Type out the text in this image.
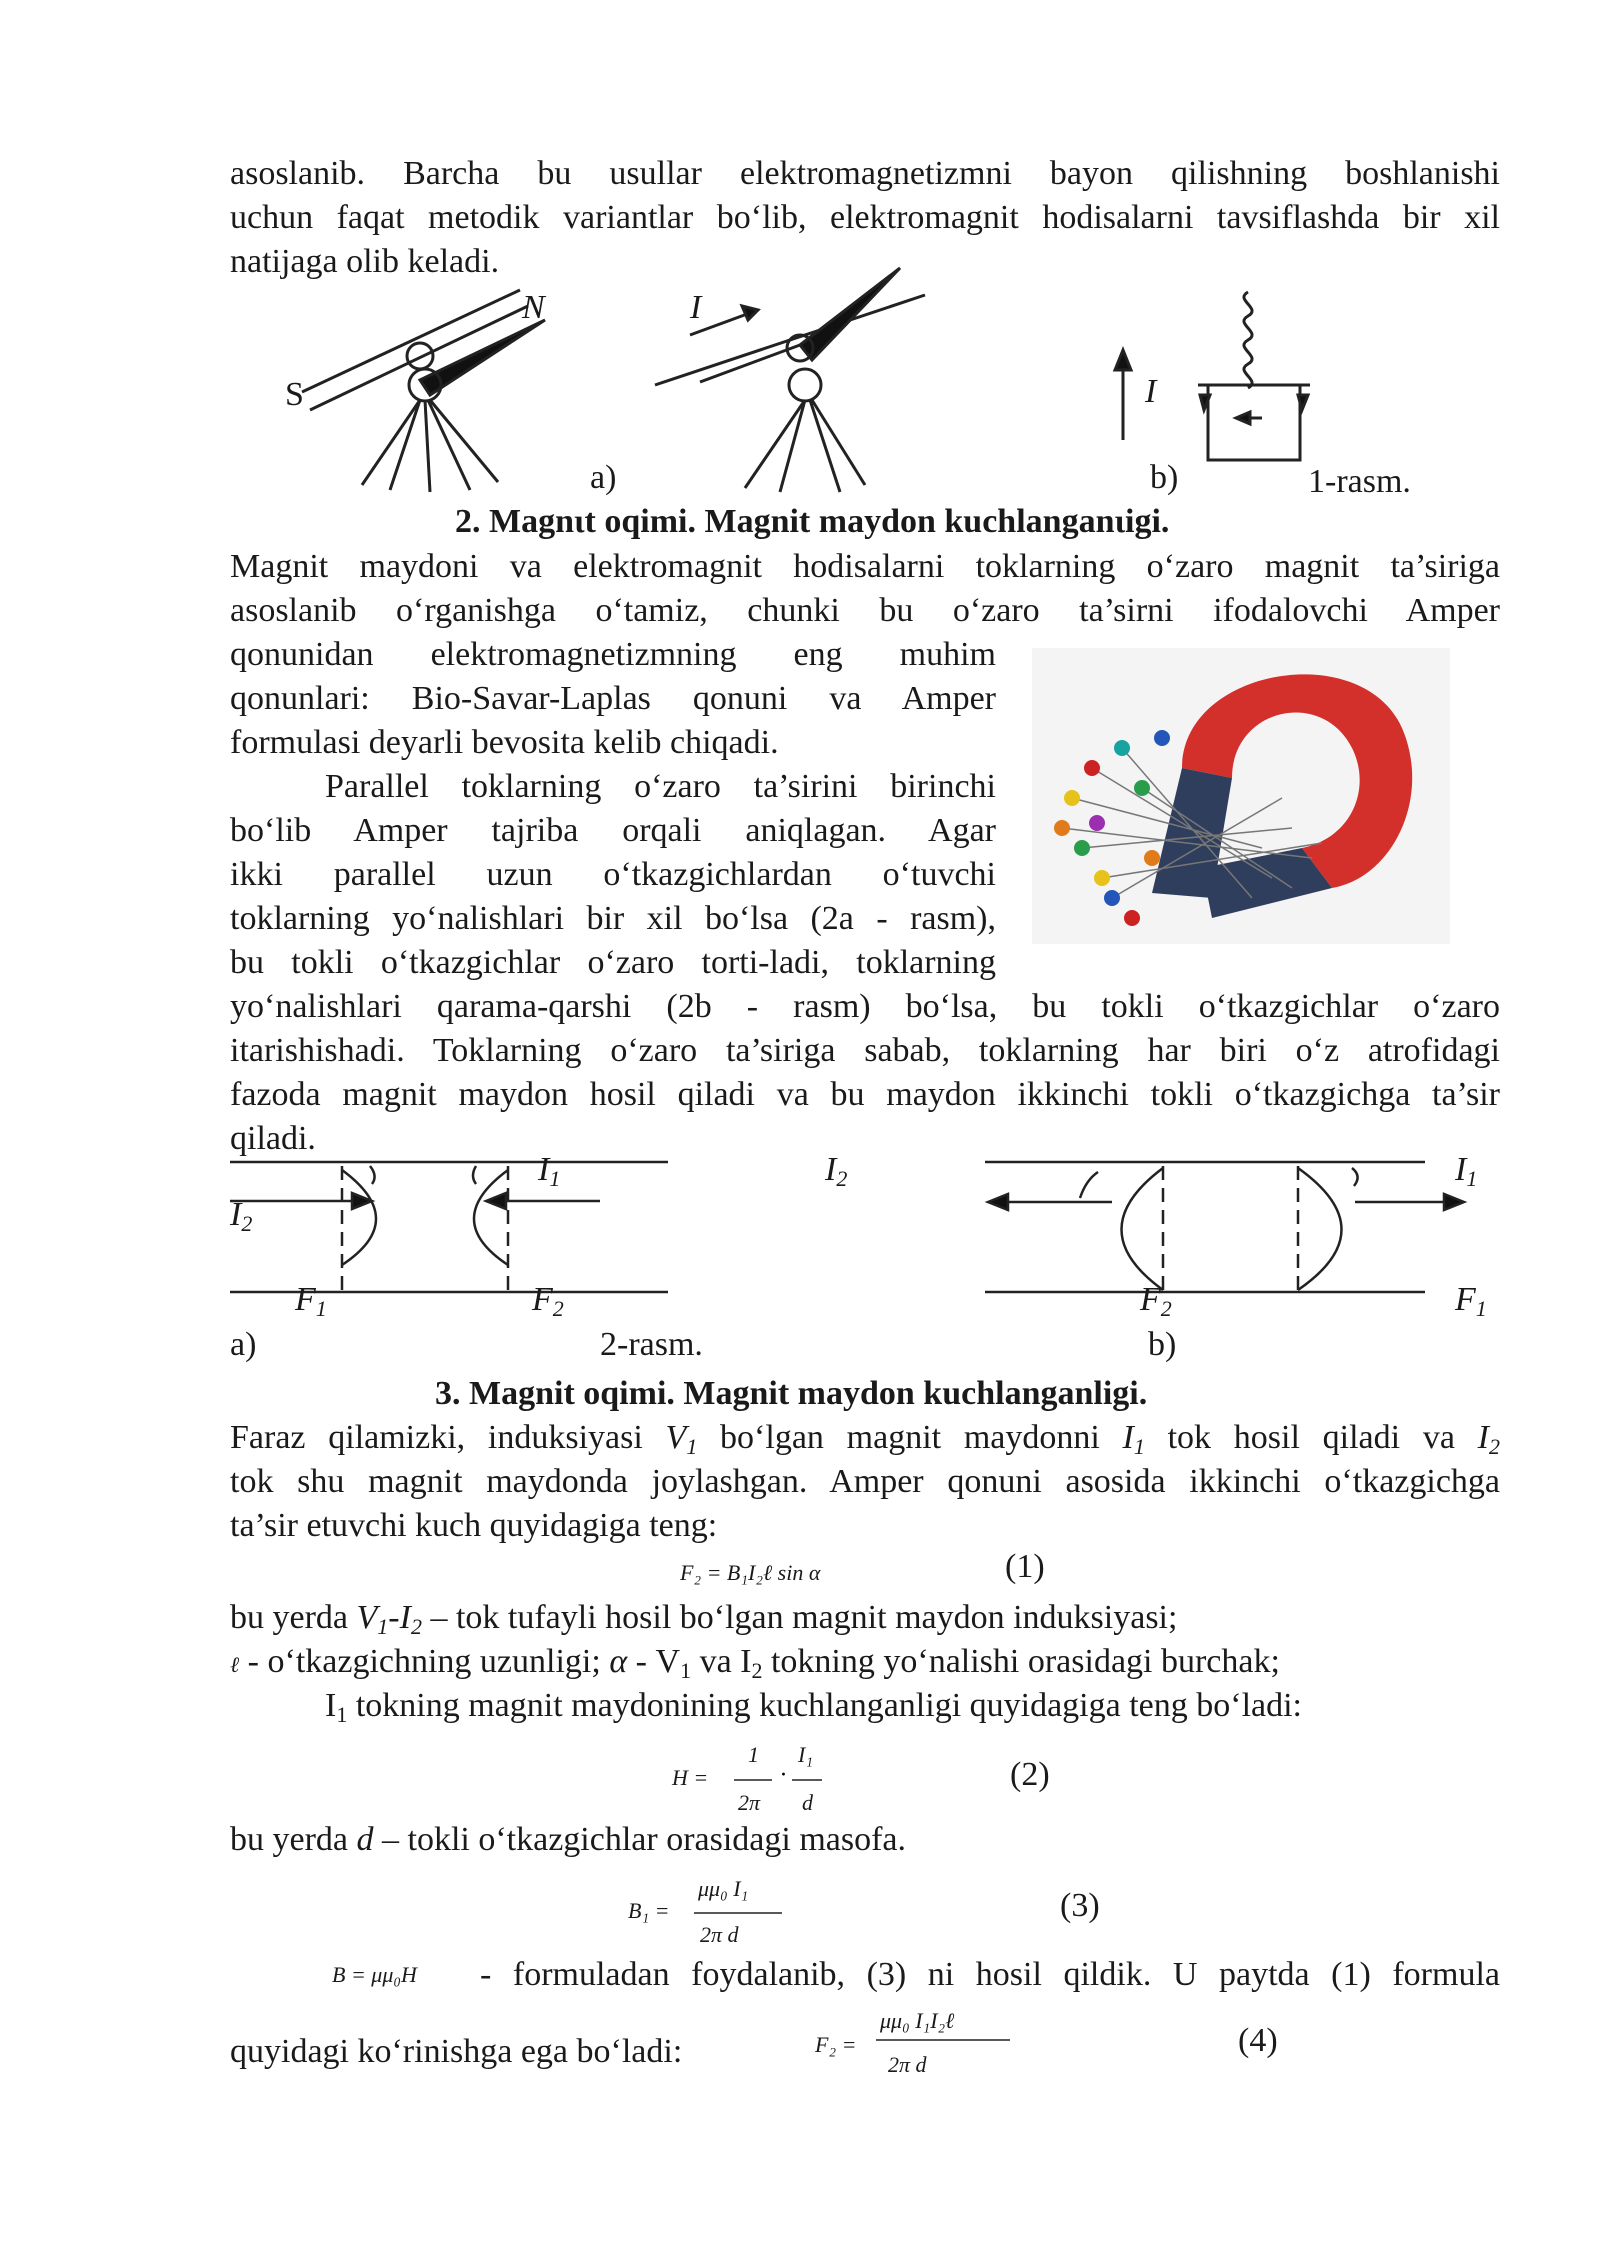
asoslanib. Barcha bu usullar elektromagnetizmni bayon qilishning boshlanishi
uchun faqat metodik variantlar bo‘lib, elektromagnit hodisalarni tavsiflashda bir xil
natijaga olib keladi.
N
S
I
I
a)	b)	1-rasm.
2. Magnιt oqimi. Magnit maydon kuchlanganιigi.
Magnit maydoni va elektromagnit hodisalarni toklarning o‘zaro magnit ta’siriga
asoslanib o‘rganishga o‘tamiz, chunki bu o‘zaro ta’sirni ifodalovchi Amper
qonunidan elektromagnetizmning eng muhim
qonunlari: Bio-Savar-Laplas qonuni va Amper
formulasi deyarli bevosita kelib chiqadi.
Parallel toklarning o‘zaro ta’sirini birinchi
bo‘lib Amper tajriba orqali aniqlagan. Agar
ikki parallel uzun o‘tkazgichlardan o‘tuvchi
toklarning yo‘nalishlari bir xil bo‘lsa (2a - rasm),
bu tokli o‘tkazgichlar o‘zaro torti-ladi, toklarning
yo‘nalishlari qarama-qarshi (2b - rasm) bo‘lsa, bu tokli o‘tkazgichlar o‘zaro
itarishishadi. Toklarning o‘zaro ta’siriga sabab, toklarning har biri o‘z atrofidagi
fazoda magnit maydon hosil qiladi va bu maydon ikkinchi tokli o‘tkazgichga ta’sir
qiladi.
$I_1$
$I_2$
$F_1$	$F_2$
$I_2$	$I_1$
$F_2$	$F_1$
a)	2-rasm.	b)
3. Magnit oqimi. Magnit maydon kuchlanganligi.
Faraz qilamizki, induksiyasi $V_1$ bo‘lgan magnit maydonni $I_1$ tok hosil qiladi va $I_2$
tok shu magnit maydonda joylashgan. Amper qonuni asosida ikkinchi o‘tkazgichga
ta’sir etuvchi kuch quyidagiga teng:
F₂ = B₁I₂ℓ sin α	(1)
bu yerda $V_1-I_2$ – tok tufayli hosil bo‘lgan magnit maydon induksiyasi;
ℓ - o‘tkazgichning uzunligi; α - $V_1$ va $I_2$ tokning yo‘nalishi orasidagi burchak;
$I_1$ tokning magnit maydonining kuchlanganligi quyidagiga teng bo‘ladi:
H =
1
2π
I₁
d
·	(2)
bu yerda d – tokli o‘tkazgichlar orasidagi masofa.
B₁ =
μμ₀ I₁
2π d
(3)
B = μμ₀H - formuladan foydalanib, (3) ni hosil qildik. U paytda (1) formula
quyidagi ko‘rinishga ega bo‘ladi:	F₂ =
μμ₀ I₁I₂ℓ
2π d
(4)
